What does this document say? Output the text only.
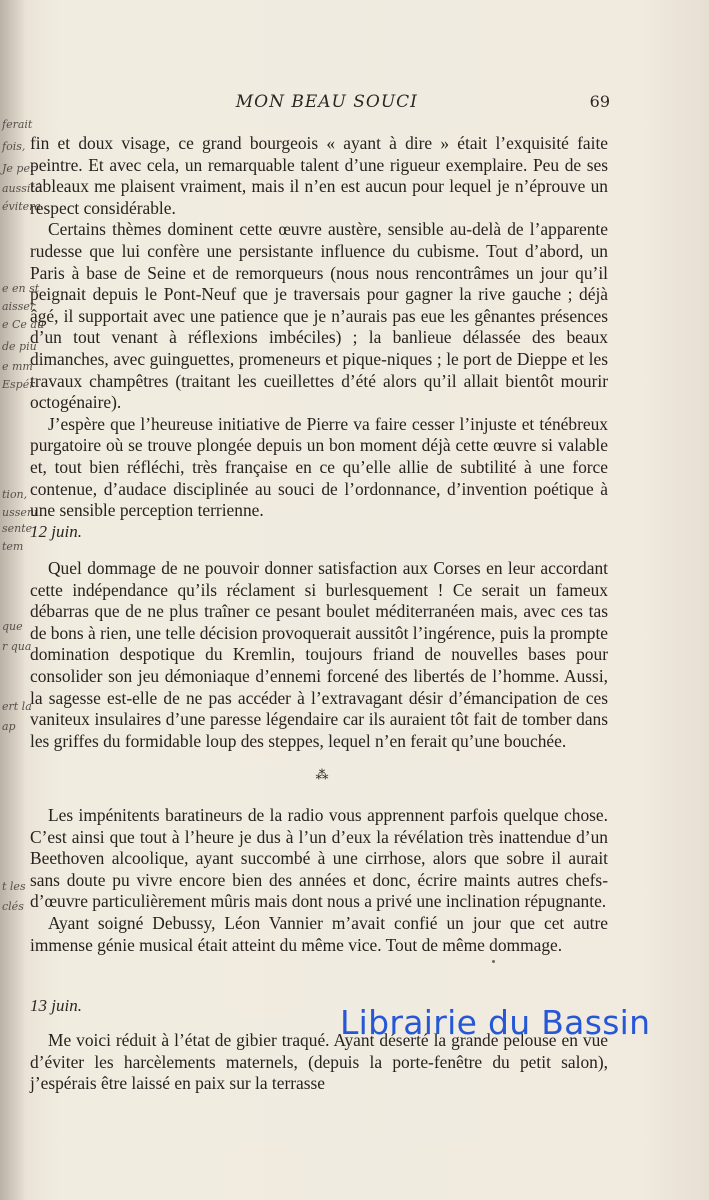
ferait
fois,
Je per
aussitô
évitera
e en st
aisser
e Ce au
de piu
e mm
Espér
tion,
usseni
sente
tem
que
r qua
ert la
ap
t les
clés
MON BEAU SOUCI	69

fin et doux visage, ce grand bourgeois « ayant à dire » était l’exquisité faite peintre. Et avec cela, un remarquable talent d’une rigueur exemplaire. Peu de ses tableaux me plaisent vraiment, mais il n’en est aucun pour lequel je n’éprouve un respect considérable.

Certains thèmes dominent cette œuvre austère, sensible au-delà de l’apparente rudesse que lui confère une persistante influence du cubisme. Tout d’abord, un Paris à base de Seine et de remorqueurs (nous nous rencontrâmes un jour qu’il peignait depuis le Pont-Neuf que je traversais pour gagner la rive gauche ; déjà âgé, il supportait avec une patience que je n’aurais pas eue les gênantes présences d’un tout venant à réflexions imbéciles) ; la banlieue délassée des beaux dimanches, avec guinguettes, promeneurs et pique-niques ; le port de Dieppe et les travaux champêtres (traitant les cueillettes d’été alors qu’il allait bientôt mourir octogénaire).

J’espère que l’heureuse initiative de Pierre va faire cesser l’injuste et ténébreux purgatoire où se trouve plongée depuis un bon moment déjà cette œuvre si valable et, tout bien réfléchi, très française en ce qu’elle allie de subtilité à une force contenue, d’audace disciplinée au souci de l’ordonnance, d’invention poétique à une sensible perception terrienne.

12 juin.

Quel dommage de ne pouvoir donner satisfaction aux Corses en leur accordant cette indépendance qu’ils réclament si burlesquement ! Ce serait un fameux débarras que de ne plus traîner ce pesant boulet méditerranéen mais, avec ces tas de bons à rien, une telle décision provoquerait aussitôt l’ingérence, puis la prompte domination despotique du Kremlin, toujours friand de nouvelles bases pour consolider son jeu démoniaque d’ennemi forcené des libertés de l’homme. Aussi, la sagesse est-elle de ne pas accéder à l’extravagant désir d’émancipation de ces vaniteux insulaires d’une paresse légendaire car ils auraient tôt fait de tomber dans les griffes du formidable loup des steppes, lequel n’en ferait qu’une bouchée.

⁂

Les impénitents baratineurs de la radio vous apprennent parfois quelque chose. C’est ainsi que tout à l’heure je dus à l’un d’eux la révélation très inattendue d’un Beethoven alcoolique, ayant succombé à une cirrhose, alors que sobre il aurait sans doute pu vivre encore bien des années et donc, écrire maints autres chefs-d’œuvre particulièrement mûris mais dont nous a privé une inclination répugnante.

Ayant soigné Debussy, Léon Vannier m’avait confié un jour que cet autre immense génie musical était atteint du même vice. Tout de même dommage.

13 juin.

Me voici réduit à l’état de gibier traqué. Ayant déserté la grande pelouse en vue d’éviter les harcèlements maternels, (depuis la porte-fenêtre du petit salon), j’espérais être laissé en paix sur la terrasse

Librairie du Bassin
